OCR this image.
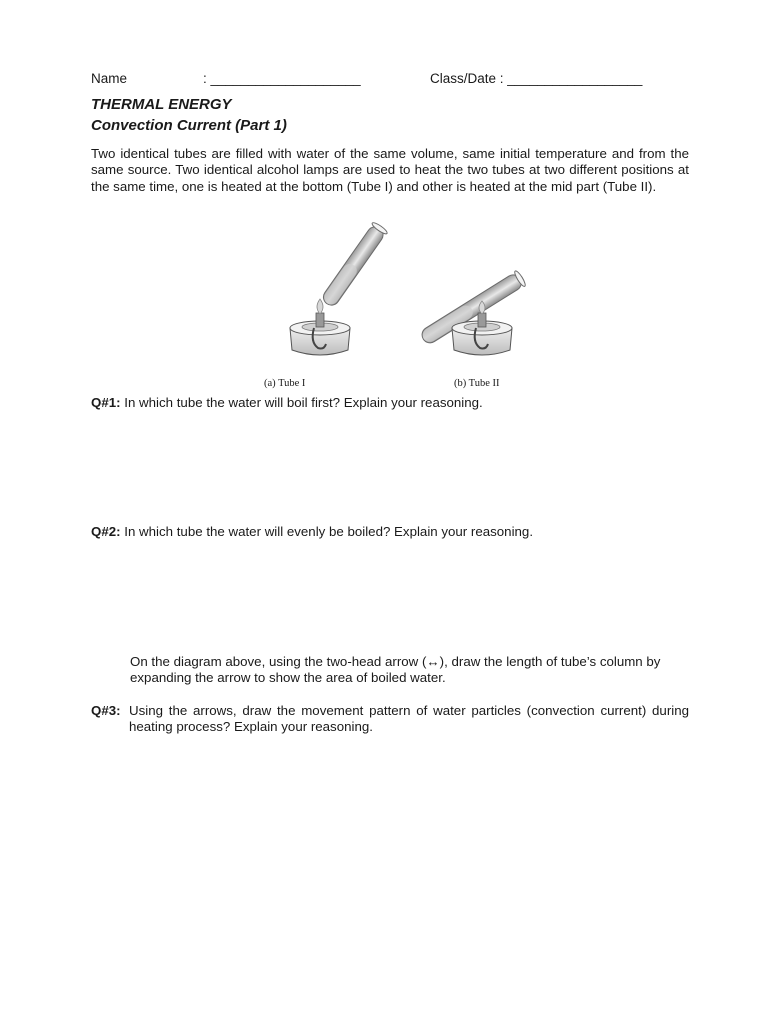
Name	: ____________________	Class/Date : __________________
THERMAL ENERGY
Convection Current (Part 1)
Two identical tubes are filled with water of the same volume, same initial temperature and from the same source. Two identical alcohol lamps are used to heat the two tubes at two different positions at the same time, one is heated at the bottom (Tube I) and other is heated at the mid part (Tube II).
(a) Tube I	(b) Tube II
Q#1: In which tube the water will boil first? Explain your reasoning.
Q#2: In which tube the water will evenly be boiled? Explain your reasoning.
On the diagram above, using the two-head arrow (↔), draw the length of tube’s column by expanding the arrow to show the area of boiled water.
Q#3: Using the arrows, draw the movement pattern of water particles (convection current) during heating process? Explain your reasoning.
